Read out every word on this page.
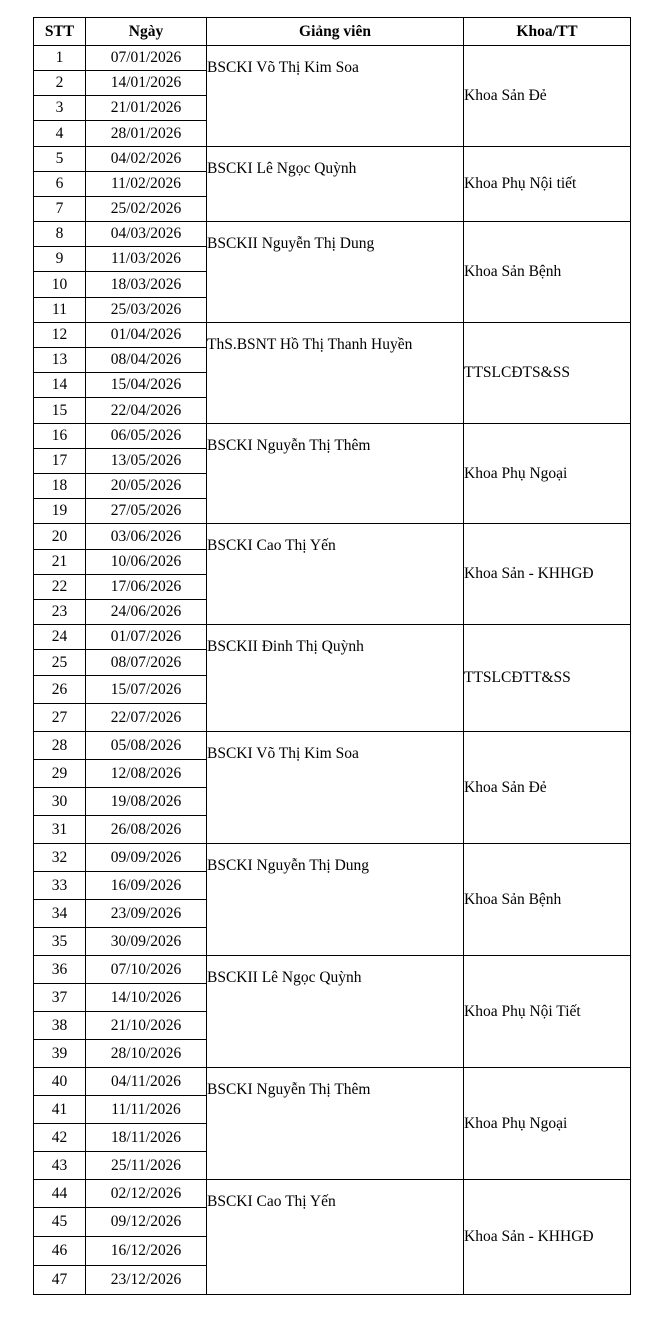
STT	Ngày	Giảng viên	Khoa/TT
1	07/01/2026	BSCKI Võ Thị Kim Soa	Khoa Sản Đẻ
2	14/01/2026		
3	21/01/2026		
4	28/01/2026		
5	04/02/2026	BSCKI Lê Ngọc Quỳnh	Khoa Phụ Nội tiết
6	11/02/2026		
7	25/02/2026		
8	04/03/2026	BSCKII Nguyễn Thị Dung	Khoa Sản Bệnh
9	11/03/2026		
10	18/03/2026		
11	25/03/2026		
12	01/04/2026	ThS.BSNT Hồ Thị Thanh Huyền	TTSLCĐTS&SS
13	08/04/2026		
14	15/04/2026		
15	22/04/2026		
16	06/05/2026	BSCKI Nguyễn Thị Thêm	Khoa Phụ Ngoại
17	13/05/2026		
18	20/05/2026		
19	27/05/2026		
20	03/06/2026	BSCKI Cao Thị Yến	Khoa Sản - KHHGĐ
21	10/06/2026		
22	17/06/2026		
23	24/06/2026		
24	01/07/2026	BSCKII Đinh Thị Quỳnh	TTSLCĐTT&SS
25	08/07/2026		
26	15/07/2026		
27	22/07/2026		
28	05/08/2026	BSCKI Võ Thị Kim Soa	Khoa Sản Đẻ
29	12/08/2026		
30	19/08/2026		
31	26/08/2026		
32	09/09/2026	BSCKI Nguyễn Thị Dung	Khoa Sản Bệnh
33	16/09/2026		
34	23/09/2026		
35	30/09/2026		
36	07/10/2026	BSCKII Lê Ngọc Quỳnh	Khoa Phụ Nội Tiết
37	14/10/2026		
38	21/10/2026		
39	28/10/2026		
40	04/11/2026	BSCKI Nguyễn Thị Thêm	Khoa Phụ Ngoại
41	11/11/2026		
42	18/11/2026		
43	25/11/2026		
44	02/12/2026	BSCKI Cao Thị Yến	Khoa Sản - KHHGĐ
45	09/12/2026		
46	16/12/2026		
47	23/12/2026		
